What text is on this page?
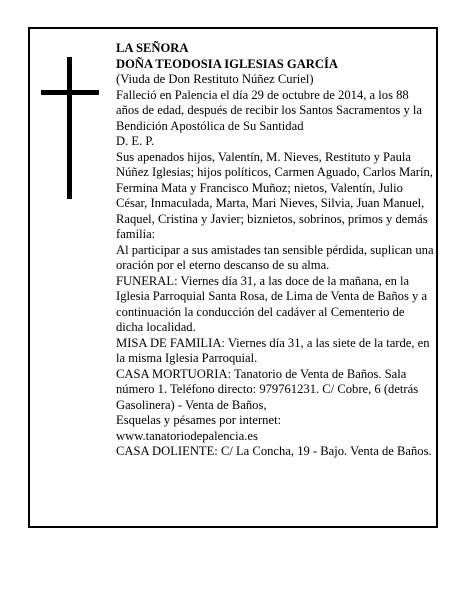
LA SEÑORA

DOÑA TEODOSIA IGLESIAS GARCÍA

(Viuda de Don Restituto Núñez Curiel)

Falleció en Palencia el día 29 de octubre de 2014, a los 88 años de edad, después de recibir los Santos Sacramentos y la Bendición Apostólica de Su Santidad

D. E. P.

Sus apenados hijos, Valentín, M. Nieves, Restituto y Paula Núñez Iglesias; hijos políticos, Carmen Aguado, Carlos Marín, Fermina Mata y Francisco Muñoz; nietos, Valentín, Julio César, Inmaculada, Marta, Mari Nieves, Silvia, Juan Manuel, Raquel, Cristina y Javier; biznietos, sobrinos, primos y demás familia:

Al participar a sus amistades tan sensible pérdida, suplican una oración por el eterno descanso de su alma.

FUNERAL: Viernes día 31, a las doce de la mañana, en la Iglesia Parroquial Santa Rosa, de Lima de Venta de Baños y a continuación la conducción del cadáver al Cementerio de dicha localidad.

MISA DE FAMILIA: Viernes día 31, a las siete de la tarde, en la misma Iglesia Parroquial.

CASA MORTUORIA: Tanatorio de Venta de Baños. Sala número 1. Teléfono directo: 979761231. C/ Cobre, 6 (detrás Gasolinera) - Venta de Baños,

Esquelas y pésames por internet:

www.tanatoriodepalencia.es

CASA DOLIENTE: C/ La Concha, 19 - Bajo. Venta de Baños.
